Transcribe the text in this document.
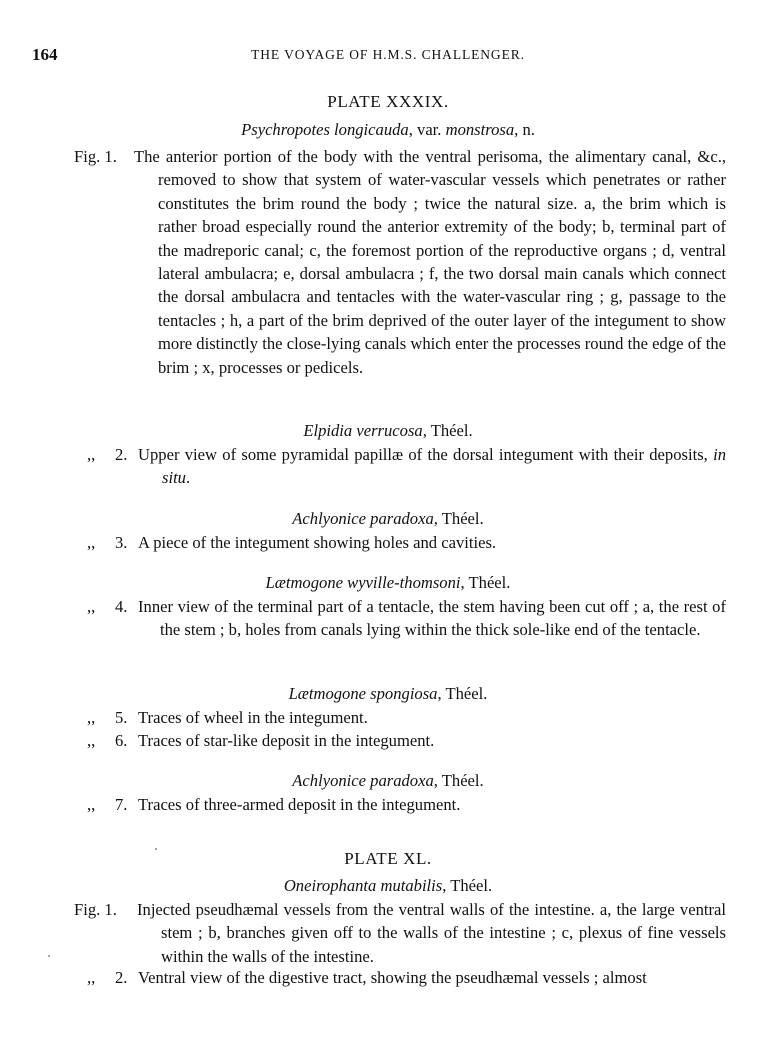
164	THE VOYAGE OF H.M.S. CHALLENGER.
PLATE XXXIX.
Psychropotes longicauda, var. monstrosa, n.
Fig. 1. The anterior portion of the body with the ventral perisoma, the alimentary canal, &c., removed to show that system of water-vascular vessels which penetrates or rather constitutes the brim round the body ; twice the natural size. a, the brim which is rather broad especially round the anterior extremity of the body; b, terminal part of the madreporic canal; c, the foremost portion of the reproductive organs ; d, ventral lateral ambulacra; e, dorsal ambulacra ; f, the two dorsal main canals which connect the dorsal ambulacra and tentacles with the water-vascular ring ; g, passage to the tentacles ; h, a part of the brim deprived of the outer layer of the integument to show more distinctly the close-lying canals which enter the processes round the edge of the brim ; x, processes or pedicels.
Elpidia verrucosa, Théel.
,, 2. Upper view of some pyramidal papillæ of the dorsal integument with their deposits, in situ.
Achlyonice paradoxa, Théel.
,, 3. A piece of the integument showing holes and cavities.
Lætmogone wyville-thomsoni, Théel.
,, 4. Inner view of the terminal part of a tentacle, the stem having been cut off ; a, the rest of the stem ; b, holes from canals lying within the thick sole-like end of the tentacle.
Lætmogone spongiosa, Théel.
,, 5. Traces of wheel in the integument.
,, 6. Traces of star-like deposit in the integument.
Achlyonice paradoxa, Théel.
,, 7. Traces of three-armed deposit in the integument.
PLATE XL.
Oneirophanta mutabilis, Théel.
Fig. 1. Injected pseudhæmal vessels from the ventral walls of the intestine. a, the large ventral stem ; b, branches given off to the walls of the intestine ; c, plexus of fine vessels within the walls of the intestine.
,, 2. Ventral view of the digestive tract, showing the pseudhæmal vessels ; almost
